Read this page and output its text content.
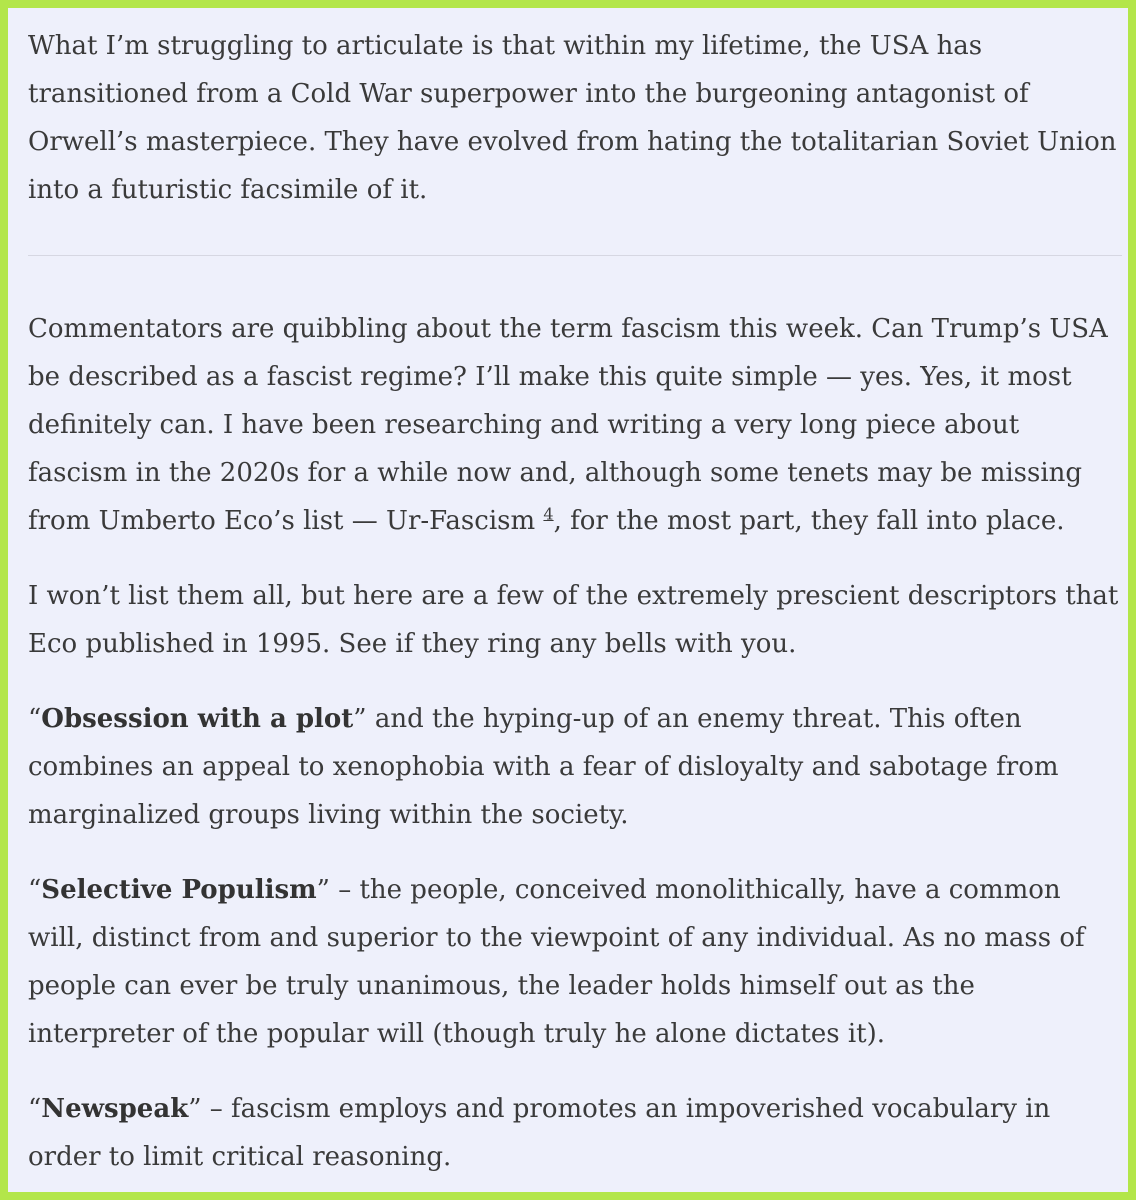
What I’m struggling to articulate is that within my lifetime, the USA has transitioned from a Cold War superpower into the burgeoning antagonist of Orwell’s masterpiece. They have evolved from hating the totalitarian Soviet Union into a futuristic facsimile of it.

Commentators are quibbling about the term fascism this week. Can Trump’s USA be described as a fascist regime? I’ll make this quite simple — yes. Yes, it most definitely can. I have been researching and writing a very long piece about fascism in the 2020s for a while now and, although some tenets may be missing from Umberto Eco’s list — Ur-Fascism $^4$, for the most part, they fall into place.

I won’t list them all, but here are a few of the extremely prescient descriptors that Eco published in 1995. See if they ring any bells with you.

“Obsession with a plot” and the hyping-up of an enemy threat. This often combines an appeal to xenophobia with a fear of disloyalty and sabotage from marginalized groups living within the society.

“Selective Populism” – the people, conceived monolithically, have a common will, distinct from and superior to the viewpoint of any individual. As no mass of people can ever be truly unanimous, the leader holds himself out as the interpreter of the popular will (though truly he alone dictates it).

“Newspeak” – fascism employs and promotes an impoverished vocabulary in order to limit critical reasoning.
